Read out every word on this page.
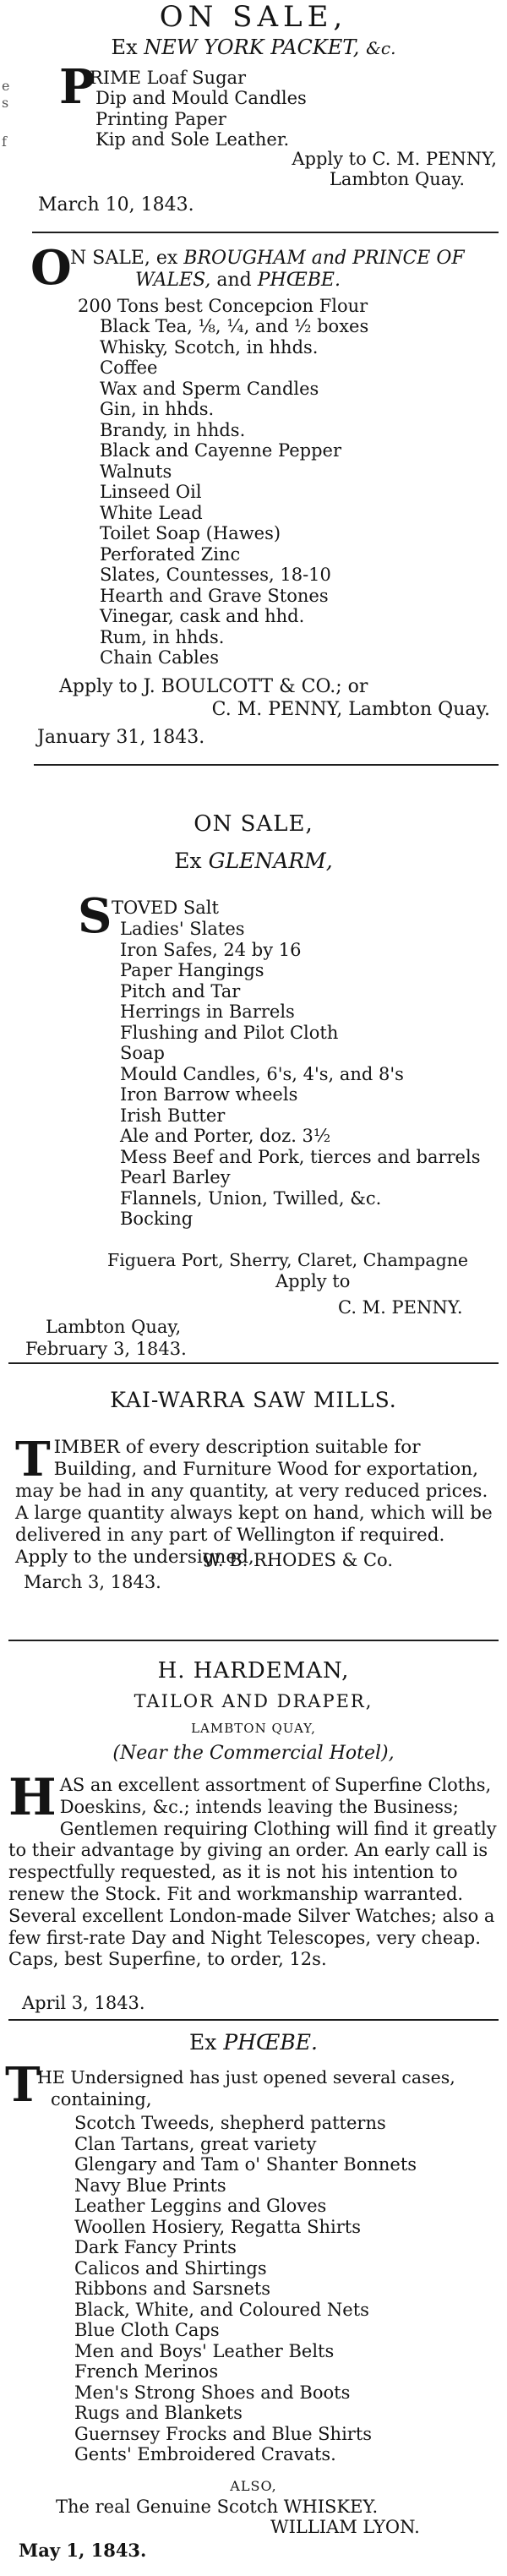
e
s
f
ON SALE,
Ex NEW YORK PACKET, &c.
P
RIME Loaf Sugar
Dip and Mould Candles
Printing Paper
Kip and Sole Leather.
Apply to C. M. PENNY,
Lambton Quay.
March 10, 1843.
O
N SALE, ex BROUGHAM and PRINCE OF
WALES, and PHŒBE.
200 Tons best Concepcion Flour
Black Tea, ⅛, ¼, and ½ boxes
Whisky, Scotch, in hhds.
Coffee
Wax and Sperm Candles
Gin, in hhds.
Brandy, in hhds.
Black and Cayenne Pepper
Walnuts
Linseed Oil
White Lead
Toilet Soap (Hawes)
Perforated Zinc
Slates, Countesses, 18-10
Hearth and Grave Stones
Vinegar, cask and hhd.
Rum, in hhds.
Chain Cables
Apply to J. BOULCOTT & CO.; or
C. M. PENNY, Lambton Quay.
January 31, 1843.
ON SALE,
Ex GLENARM,
S TOVED Salt
Ladies' Slates
Iron Safes, 24 by 16
Paper Hangings
Pitch and Tar
Herrings in Barrels
Flushing and Pilot Cloth
Soap
Mould Candles, 6's, 4's, and 8's
Iron Barrow wheels
Irish Butter
Ale and Porter, doz. 3½
Mess Beef and Pork, tierces and barrels
Pearl Barley
Flannels, Union, Twilled, &c.
Bocking
Figuera Port, Sherry, Claret, Champagne
Apply to
C. M. PENNY.
Lambton Quay,
February 3, 1843.
KAI-WARRA SAW MILLS.
T IMBER of every description suitable for Building, and Furniture Wood for exportation, may be had in any quantity, at very reduced prices. A large quantity always kept on hand, which will be delivered in any part of Wellington if required. Apply to the undersigned,
W. B. RHODES & Co.
March 3, 1843.
H. HARDEMAN,
TAILOR AND DRAPER,
LAMBTON QUAY,
(Near the Commercial Hotel),
H AS an excellent assortment of Superfine Cloths, Doeskins, &c.; intends leaving the Business; Gentlemen requiring Clothing will find it greatly to their advantage by giving an order. An early call is respectfully requested, as it is not his intention to renew the Stock. Fit and workmanship warranted. Several excellent London-made Silver Watches; also a few first-rate Day and Night Telescopes, very cheap. Caps, best Superfine, to order, 12s.
April 3, 1843.
Ex PHŒBE.
T
HE Undersigned has just opened several cases,
containing,
Scotch Tweeds, shepherd patterns
Clan Tartans, great variety
Glengary and Tam o' Shanter Bonnets
Navy Blue Prints
Leather Leggins and Gloves
Woollen Hosiery, Regatta Shirts
Dark Fancy Prints
Calicos and Shirtings
Ribbons and Sarsnets
Black, White, and Coloured Nets
Blue Cloth Caps
Men and Boys' Leather Belts
French Merinos
Men's Strong Shoes and Boots
Rugs and Blankets
Guernsey Frocks and Blue Shirts
Gents' Embroidered Cravats.
ALSO,
The real Genuine Scotch WHISKEY.
WILLIAM LYON.
May 1, 1843.
